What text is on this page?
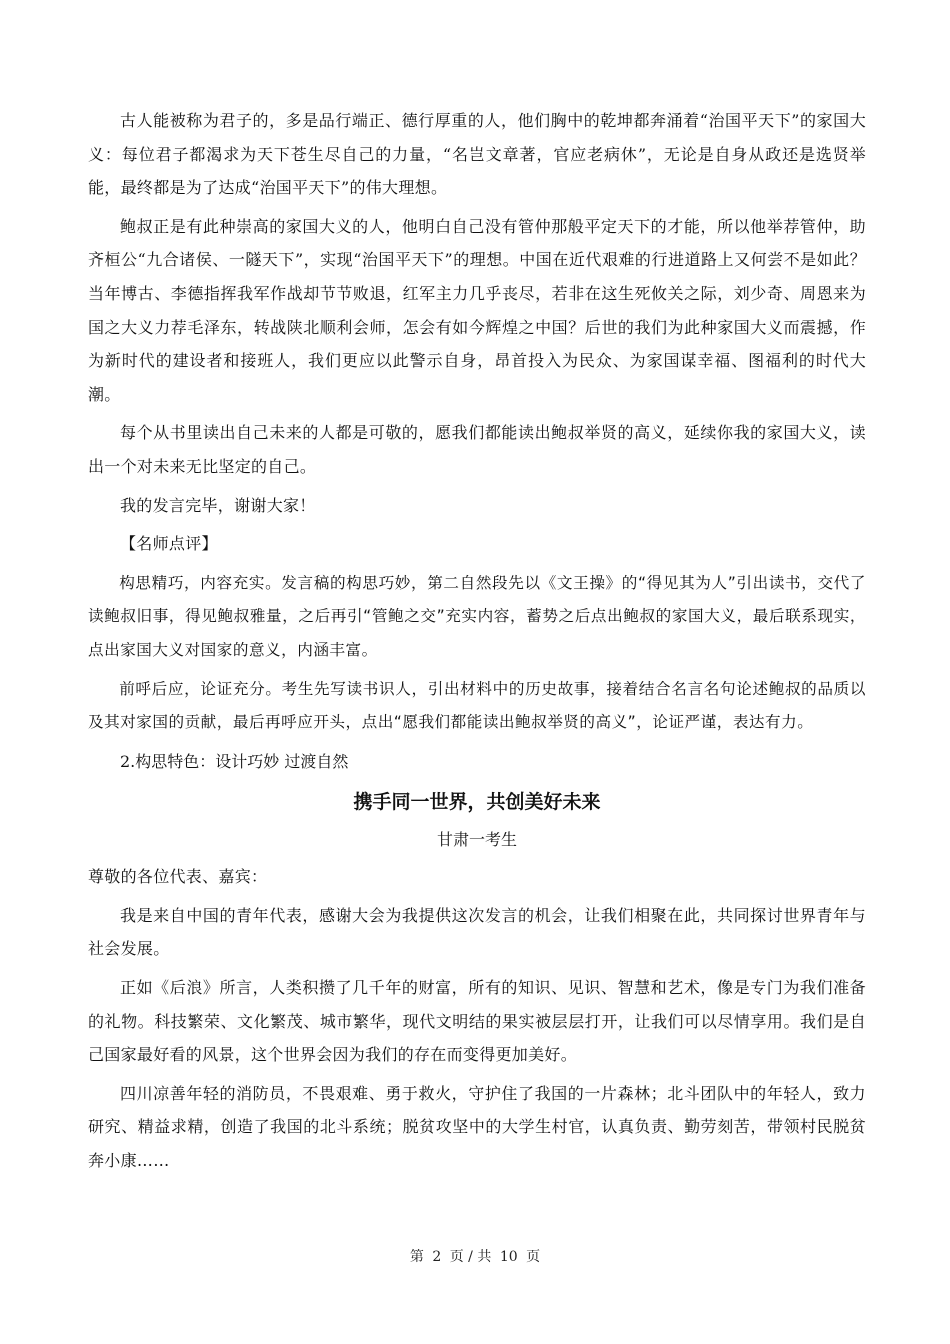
古人能被称为君子的，多是品行端正、德行厚重的人，他们胸中的乾坤都奔涌着“治国平天下”的家国大义：每位君子都渴求为天下苍生尽自己的力量，“名岂文章著，官应老病休”，无论是自身从政还是选贤举能，最终都是为了达成“治国平天下”的伟大理想。

鲍叔正是有此种崇高的家国大义的人，他明白自己没有管仲那般平定天下的才能，所以他举荐管仲，助齐桓公“九合诸侯、一隧天下”，实现“治国平天下”的理想。中国在近代艰难的行进道路上又何尝不是如此？当年博古、李德指挥我军作战却节节败退，红军主力几乎丧尽，若非在这生死攸关之际，刘少奇、周恩来为国之大义力荐毛泽东，转战陕北顺利会师，怎会有如今辉煌之中国？后世的我们为此种家国大义而震撼，作为新时代的建设者和接班人，我们更应以此警示自身，昂首投入为民众、为家国谋幸福、图福利的时代大潮。

每个从书里读出自己未来的人都是可敬的，愿我们都能读出鲍叔举贤的高义，延续你我的家国大义，读出一个对未来无比坚定的自己。

我的发言完毕，谢谢大家！

【名师点评】

构思精巧，内容充实。发言稿的构思巧妙，第二自然段先以《文王操》的“得见其为人”引出读书，交代了读鲍叔旧事，得见鲍叔雅量，之后再引“管鲍之交”充实内容，蓄势之后点出鲍叔的家国大义，最后联系现实，点出家国大义对国家的意义，内涵丰富。

前呼后应，论证充分。考生先写读书识人，引出材料中的历史故事，接着结合名言名句论述鲍叔的品质以及其对家国的贡献，最后再呼应开头，点出“愿我们都能读出鲍叔举贤的高义”，论证严谨，表达有力。

2.构思特色：设计巧妙 过渡自然
携手同一世界，共创美好未来
甘肃一考生

尊敬的各位代表、嘉宾：

我是来自中国的青年代表，感谢大会为我提供这次发言的机会，让我们相聚在此，共同探讨世界青年与社会发展。

正如《后浪》所言，人类积攒了几千年的财富，所有的知识、见识、智慧和艺术，像是专门为我们准备的礼物。科技繁荣、文化繁茂、城市繁华，现代文明结的果实被层层打开，让我们可以尽情享用。我们是自己国家最好看的风景，这个世界会因为我们的存在而变得更加美好。

四川凉善年轻的消防员，不畏艰难、勇于救火，守护住了我国的一片森林；北斗团队中的年轻人，致力研究、精益求精，创造了我国的北斗系统；脱贫攻坚中的大学生村官，认真负责、勤劳刻苦，带领村民脱贫奔小康……

第 2 页 / 共 10 页
